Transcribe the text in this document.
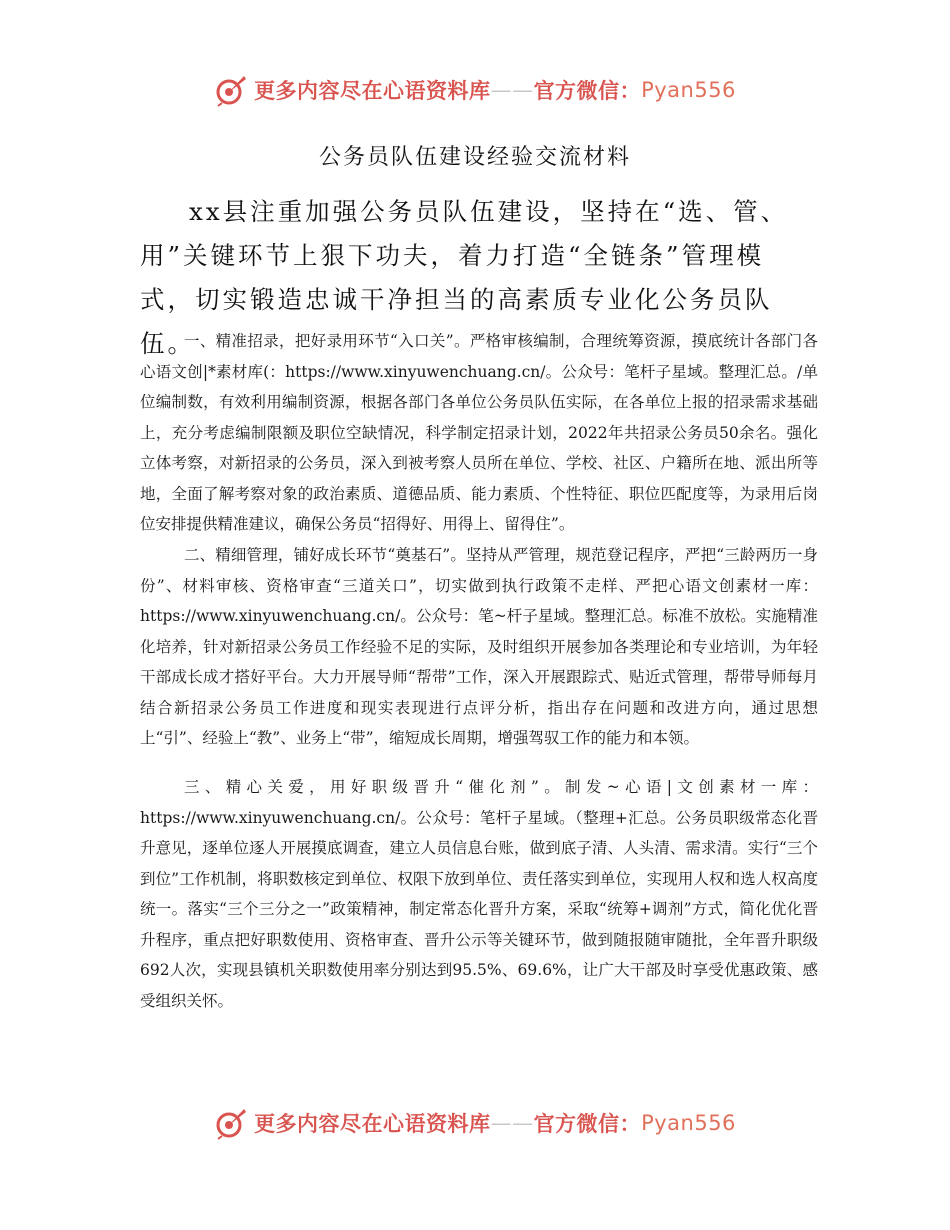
更多内容尽在心语资料库 —— 官方微信： Pyan556
公务员队伍建设经验交流材料

xx县注重加强公务员队伍建设，坚持在“选、管、用”关键环节上狠下功夫，着力打造“全链条”管理模式，切实锻造忠诚干净担当的高素质专业化公务员队伍。

一、精准招录，把好录用环节“入口关”。严格审核编制，合理统筹资源，摸底统计各部门各心语文创|*素材库(：https://www.xinyuwenchuang.cn/。公众号：笔杆子星域。整理汇总。/单位编制数，有效利用编制资源，根据各部门各单位公务员队伍实际，在各单位上报的招录需求基础上，充分考虑编制限额及职位空缺情况，科学制定招录计划，2022年共招录公务员50余名。强化立体考察，对新招录的公务员，深入到被考察人员所在单位、学校、社区、户籍所在地、派出所等地，全面了解考察对象的政治素质、道德品质、能力素质、个性特征、职位匹配度等，为录用后岗位安排提供精准建议，确保公务员“招得好、用得上、留得住”。

二、精细管理，铺好成长环节“奠基石”。坚持从严管理，规范登记程序，严把“三龄两历一身份”、材料审核、资格审查“三道关口”，切实做到执行政策不走样、严把心语文创素材一库：https://www.xinyuwenchuang.cn/。公众号：笔~杆子星域。整理汇总。标准不放松。实施精准化培养，针对新招录公务员工作经验不足的实际，及时组织开展参加各类理论和专业培训，为年轻干部成长成才搭好平台。大力开展导师“帮带”工作，深入开展跟踪式、贴近式管理，帮带导师每月结合新招录公务员工作进度和现实表现进行点评分析，指出存在问题和改进方向，通过思想上“引”、经验上“教”、业务上“带”，缩短成长周期，增强驾驭工作的能力和本领。

三、精心关爱，用好职级晋升“催化剂”。制发~心语|文创素材一库：https://www.xinyuwenchuang.cn/。公众号：笔杆子星域。（整理+汇总。公务员职级常态化晋升意见，逐单位逐人开展摸底调查，建立人员信息台账，做到底子清、人头清、需求清。实行“三个到位”工作机制，将职数核定到单位、权限下放到单位、责任落实到单位，实现用人权和选人权高度统一。落实“三个三分之一”政策精神，制定常态化晋升方案，采取“统筹+调剂”方式，简化优化晋升程序，重点把好职数使用、资格审查、晋升公示等关键环节，做到随报随审随批，全年晋升职级692人次，实现县镇机关职数使用率分别达到95.5%、69.6%，让广大干部及时享受优惠政策、感受组织关怀。

更多内容尽在心语资料库 —— 官方微信： Pyan556
